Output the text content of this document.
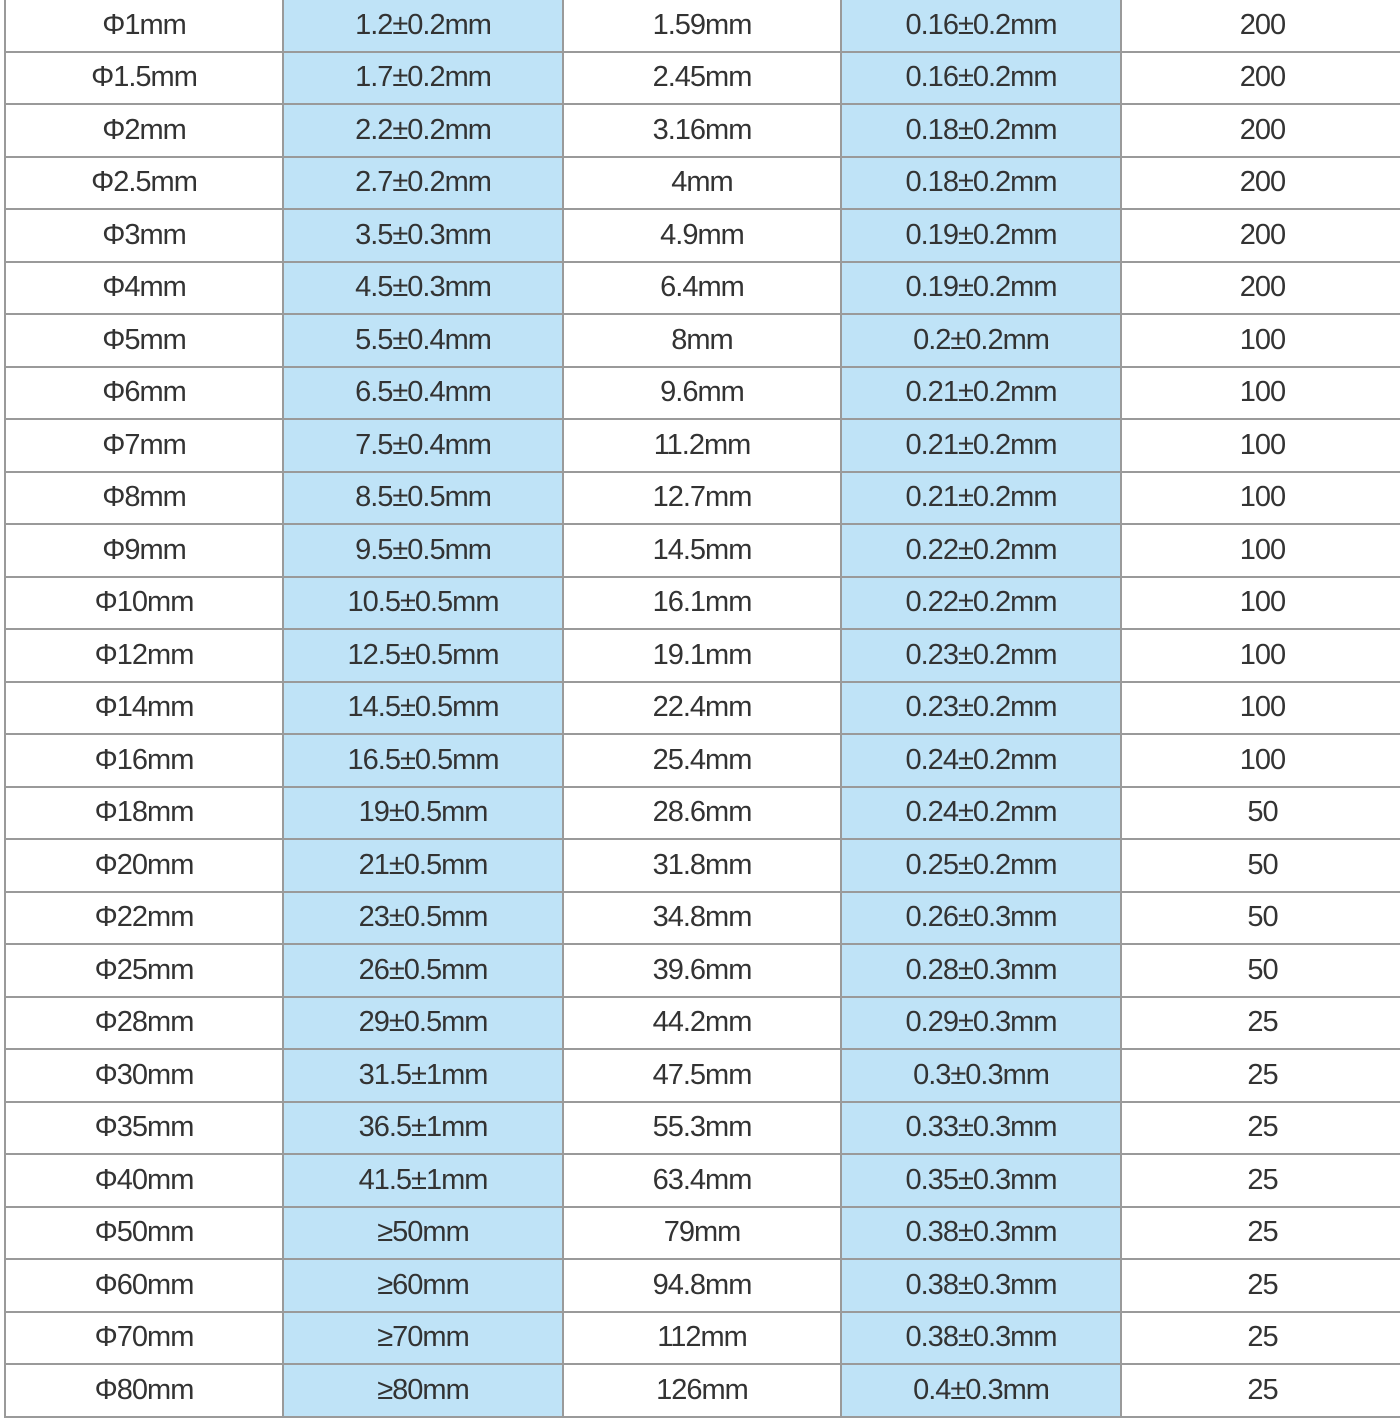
Φ1mm	1.2±0.2mm	1.59mm	0.16±0.2mm	200
Φ1.5mm	1.7±0.2mm	2.45mm	0.16±0.2mm	200
Φ2mm	2.2±0.2mm	3.16mm	0.18±0.2mm	200
Φ2.5mm	2.7±0.2mm	4mm	0.18±0.2mm	200
Φ3mm	3.5±0.3mm	4.9mm	0.19±0.2mm	200
Φ4mm	4.5±0.3mm	6.4mm	0.19±0.2mm	200
Φ5mm	5.5±0.4mm	8mm	0.2±0.2mm	100
Φ6mm	6.5±0.4mm	9.6mm	0.21±0.2mm	100
Φ7mm	7.5±0.4mm	11.2mm	0.21±0.2mm	100
Φ8mm	8.5±0.5mm	12.7mm	0.21±0.2mm	100
Φ9mm	9.5±0.5mm	14.5mm	0.22±0.2mm	100
Φ10mm	10.5±0.5mm	16.1mm	0.22±0.2mm	100
Φ12mm	12.5±0.5mm	19.1mm	0.23±0.2mm	100
Φ14mm	14.5±0.5mm	22.4mm	0.23±0.2mm	100
Φ16mm	16.5±0.5mm	25.4mm	0.24±0.2mm	100
Φ18mm	19±0.5mm	28.6mm	0.24±0.2mm	50
Φ20mm	21±0.5mm	31.8mm	0.25±0.2mm	50
Φ22mm	23±0.5mm	34.8mm	0.26±0.3mm	50
Φ25mm	26±0.5mm	39.6mm	0.28±0.3mm	50
Φ28mm	29±0.5mm	44.2mm	0.29±0.3mm	25
Φ30mm	31.5±1mm	47.5mm	0.3±0.3mm	25
Φ35mm	36.5±1mm	55.3mm	0.33±0.3mm	25
Φ40mm	41.5±1mm	63.4mm	0.35±0.3mm	25
Φ50mm	≥50mm	79mm	0.38±0.3mm	25
Φ60mm	≥60mm	94.8mm	0.38±0.3mm	25
Φ70mm	≥70mm	112mm	0.38±0.3mm	25
Φ80mm	≥80mm	126mm	0.4±0.3mm	25
